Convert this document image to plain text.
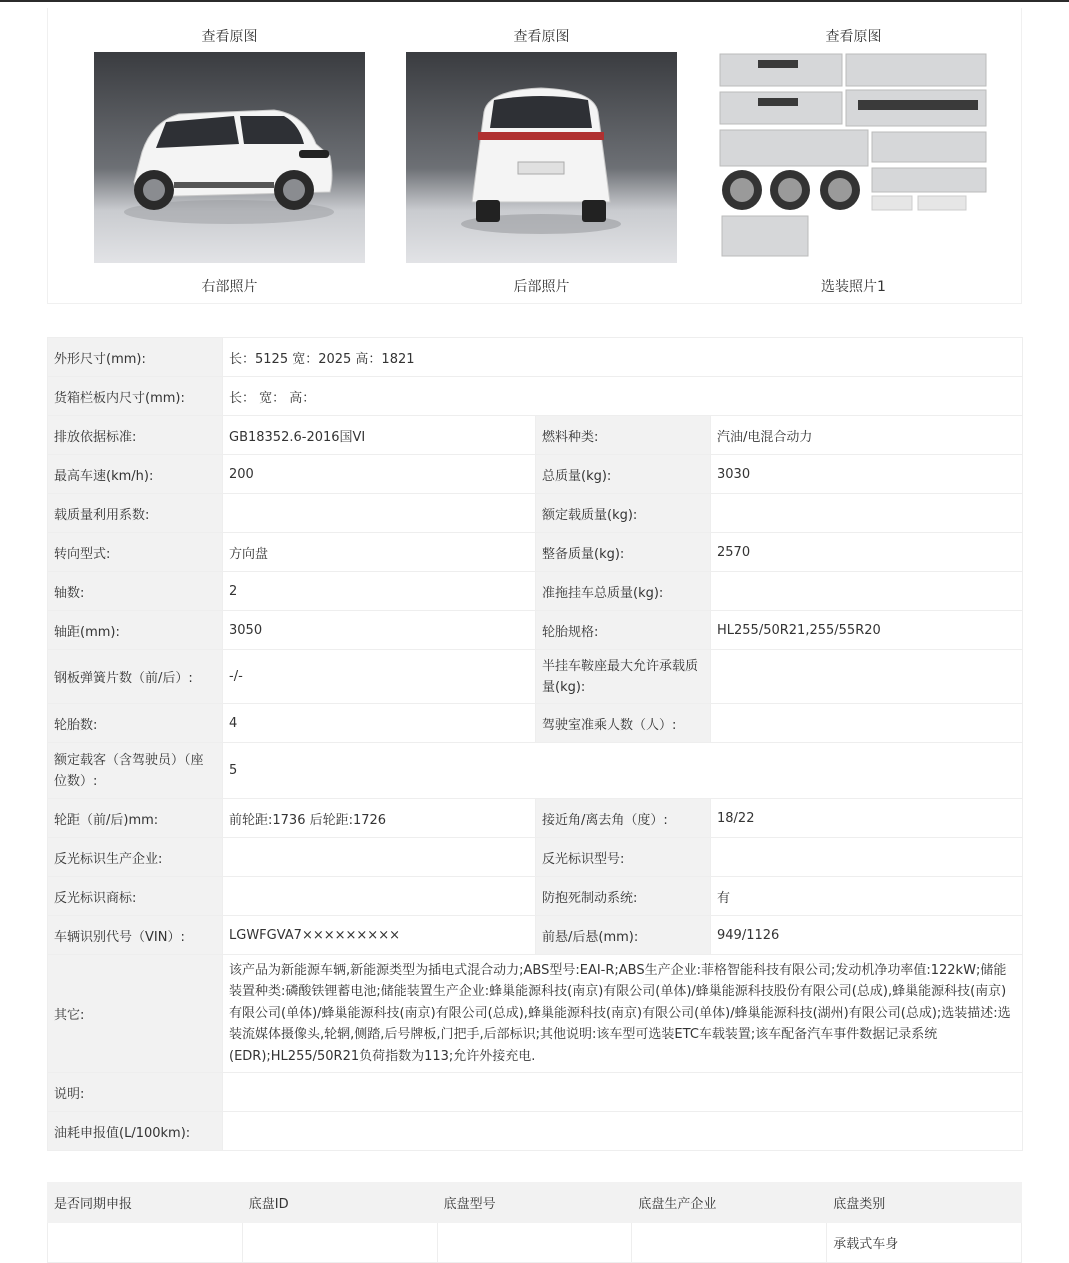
查看原图
右部照片
查看原图
后部照片
查看原图
选装照片1
外形尺寸(mm):	长：5125 宽：2025 高：1821		
货箱栏板内尺寸(mm):	长： 宽： 高：		
排放依据标准:	GB18352.6-2016国VI	燃料种类:	汽油/电混合动力
最高车速(km/h):	200	总质量(kg):	3030
载质量利用系数:		额定载质量(kg):	
转向型式:	方向盘	整备质量(kg):	2570
轴数:	2	准拖挂车总质量(kg):	
轴距(mm):	3050	轮胎规格:	HL255/50R21,255/55R20
钢板弹簧片数（前/后）:	-/-	半挂车鞍座最大允许承载质量(kg):	
轮胎数:	4	驾驶室准乘人数（人）:	
额定载客（含驾驶员）（座位数）:	5		
轮距（前/后)mm:	前轮距:1736 后轮距:1726	接近角/离去角（度）:	18/22
反光标识生产企业:		反光标识型号:	
反光标识商标:		防抱死制动系统:	有
车辆识别代号（VIN）:	LGWFGVA7×××××××××	前悬/后悬(mm):	949/1126
其它:	该产品为新能源车辆,新能源类型为插电式混合动力;ABS型号:EAI-R;ABS生产企业:菲格智能科技有限公司;发动机净功率值:122kW;储能装置种类:磷酸铁锂蓄电池;储能装置生产企业:蜂巢能源科技(南京)有限公司(单体)/蜂巢能源科技股份有限公司(总成),蜂巢能源科技(南京)有限公司(单体)/蜂巢能源科技(南京)有限公司(总成),蜂巢能源科技(南京)有限公司(单体)/蜂巢能源科技(湖州)有限公司(总成);选装描述:选装流媒体摄像头,轮辋,侧踏,后号牌板,门把手,后部标识;其他说明:该车型可选装ETC车载装置;该车配备汽车事件数据记录系统(EDR);HL255/50R21负荷指数为113;允许外接充电.		
说明:			
油耗申报值(L/100km):			
是否同期申报	底盘ID	底盘型号	底盘生产企业	底盘类别
				承载式车身
